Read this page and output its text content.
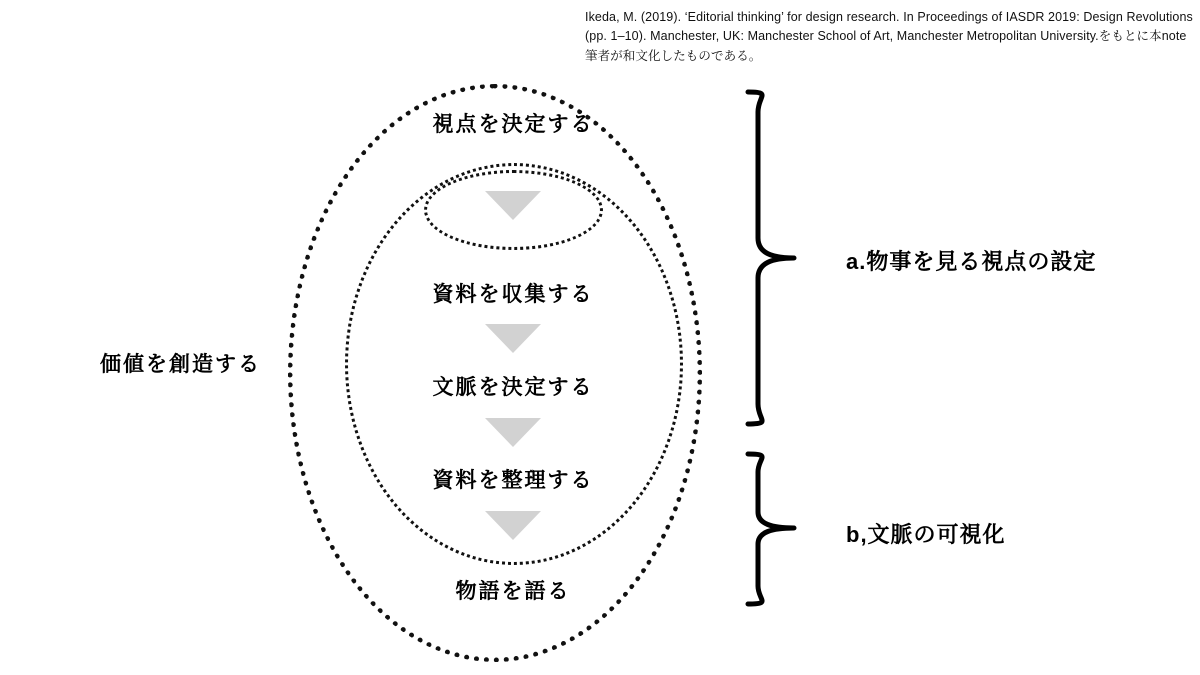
Ikeda, M. (2019). ‘Editorial thinking’ for design research. In Proceedings of IASDR 2019: Design Revolutions (pp. 1–10). Manchester, UK: Manchester School of Art, Manchester Metropolitan University.をもとに本note筆者が和文化したものである。
視点を決定する
資料を収集する
文脈を決定する
資料を整理する
物語を語る
価値を創造する
a.物事を見る視点の設定
b,文脈の可視化
